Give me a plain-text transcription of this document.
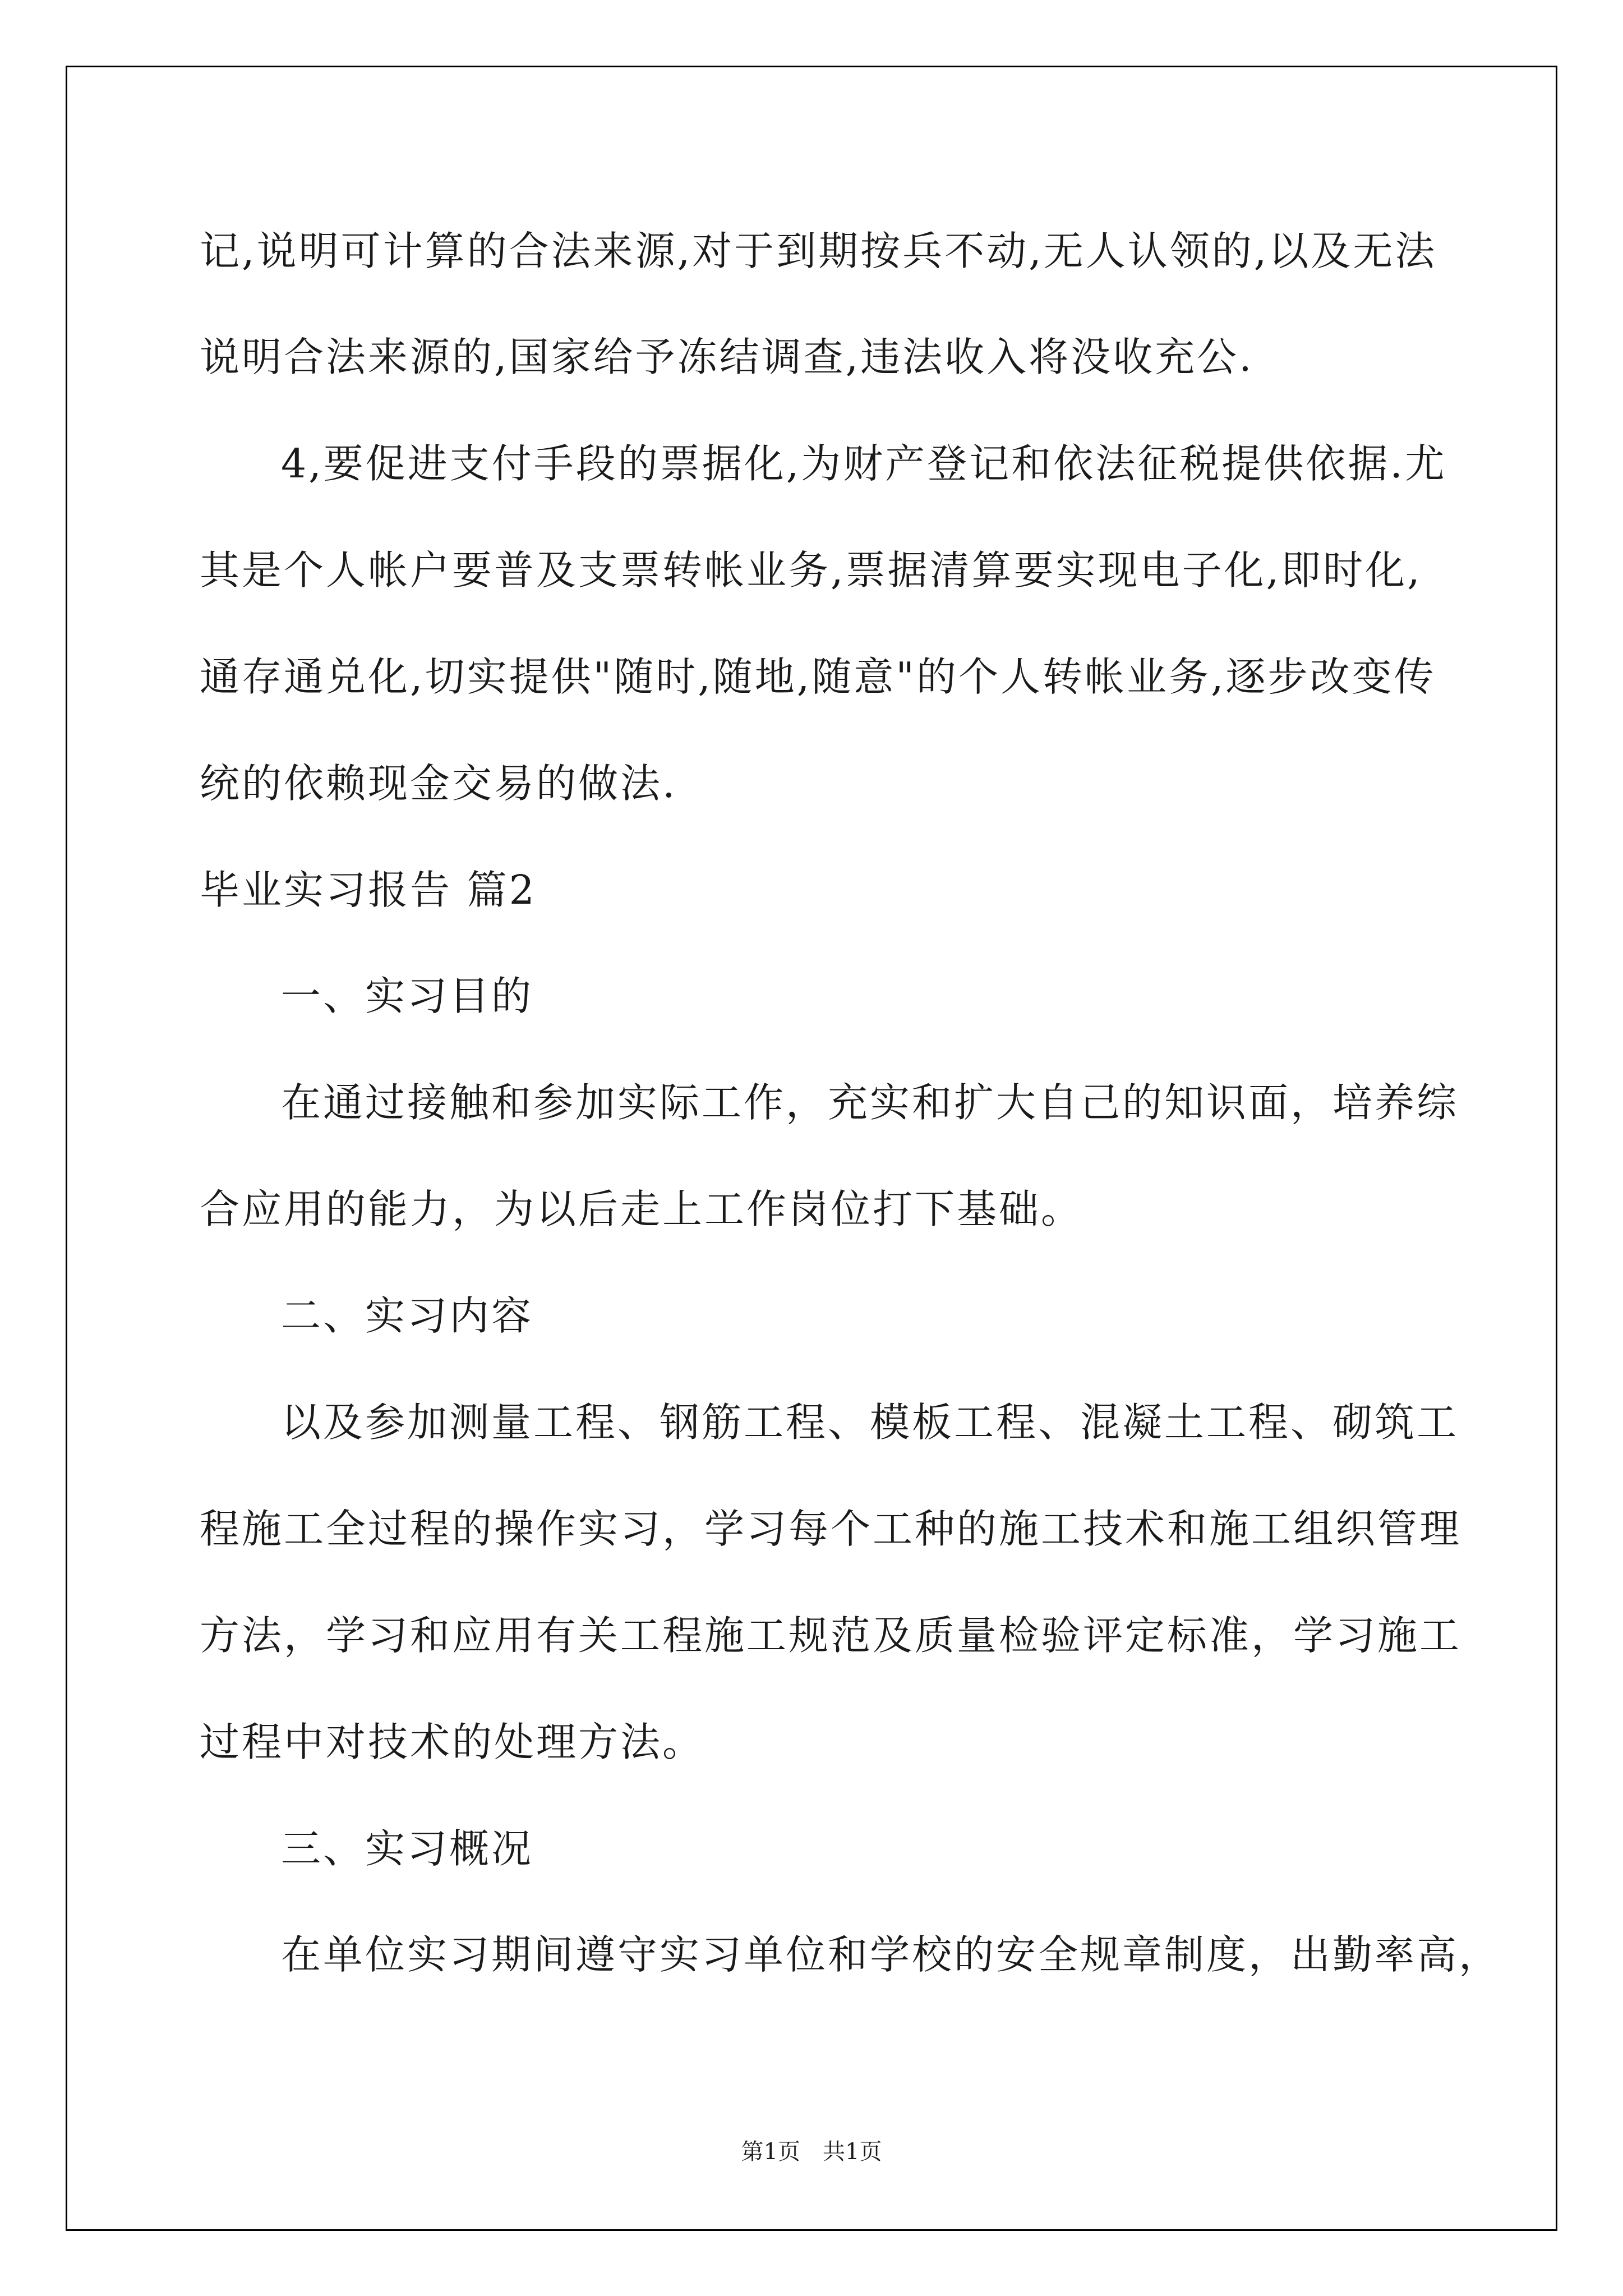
记,说明可计算的合法来源,对于到期按兵不动,无人认领的,以及无法
说明合法来源的,国家给予冻结调查,违法收入将没收充公.
4,要促进支付手段的票据化,为财产登记和依法征税提供依据.尤
其是个人帐户要普及支票转帐业务,票据清算要实现电子化,即时化,
通存通兑化,切实提供"随时,随地,随意"的个人转帐业务,逐步改变传
统的依赖现金交易的做法.
毕业实习报告 篇2
一、实习目的
在通过接触和参加实际工作，充实和扩大自己的知识面，培养综
合应用的能力，为以后走上工作岗位打下基础。
二、实习内容
以及参加测量工程、钢筋工程、模板工程、混凝土工程、砌筑工
程施工全过程的操作实习，学习每个工种的施工技术和施工组织管理
方法，学习和应用有关工程施工规范及质量检验评定标准，学习施工
过程中对技术的处理方法。
三、实习概况
在单位实习期间遵守实习单位和学校的安全规章制度，出勤率高，
第1页　共1页
